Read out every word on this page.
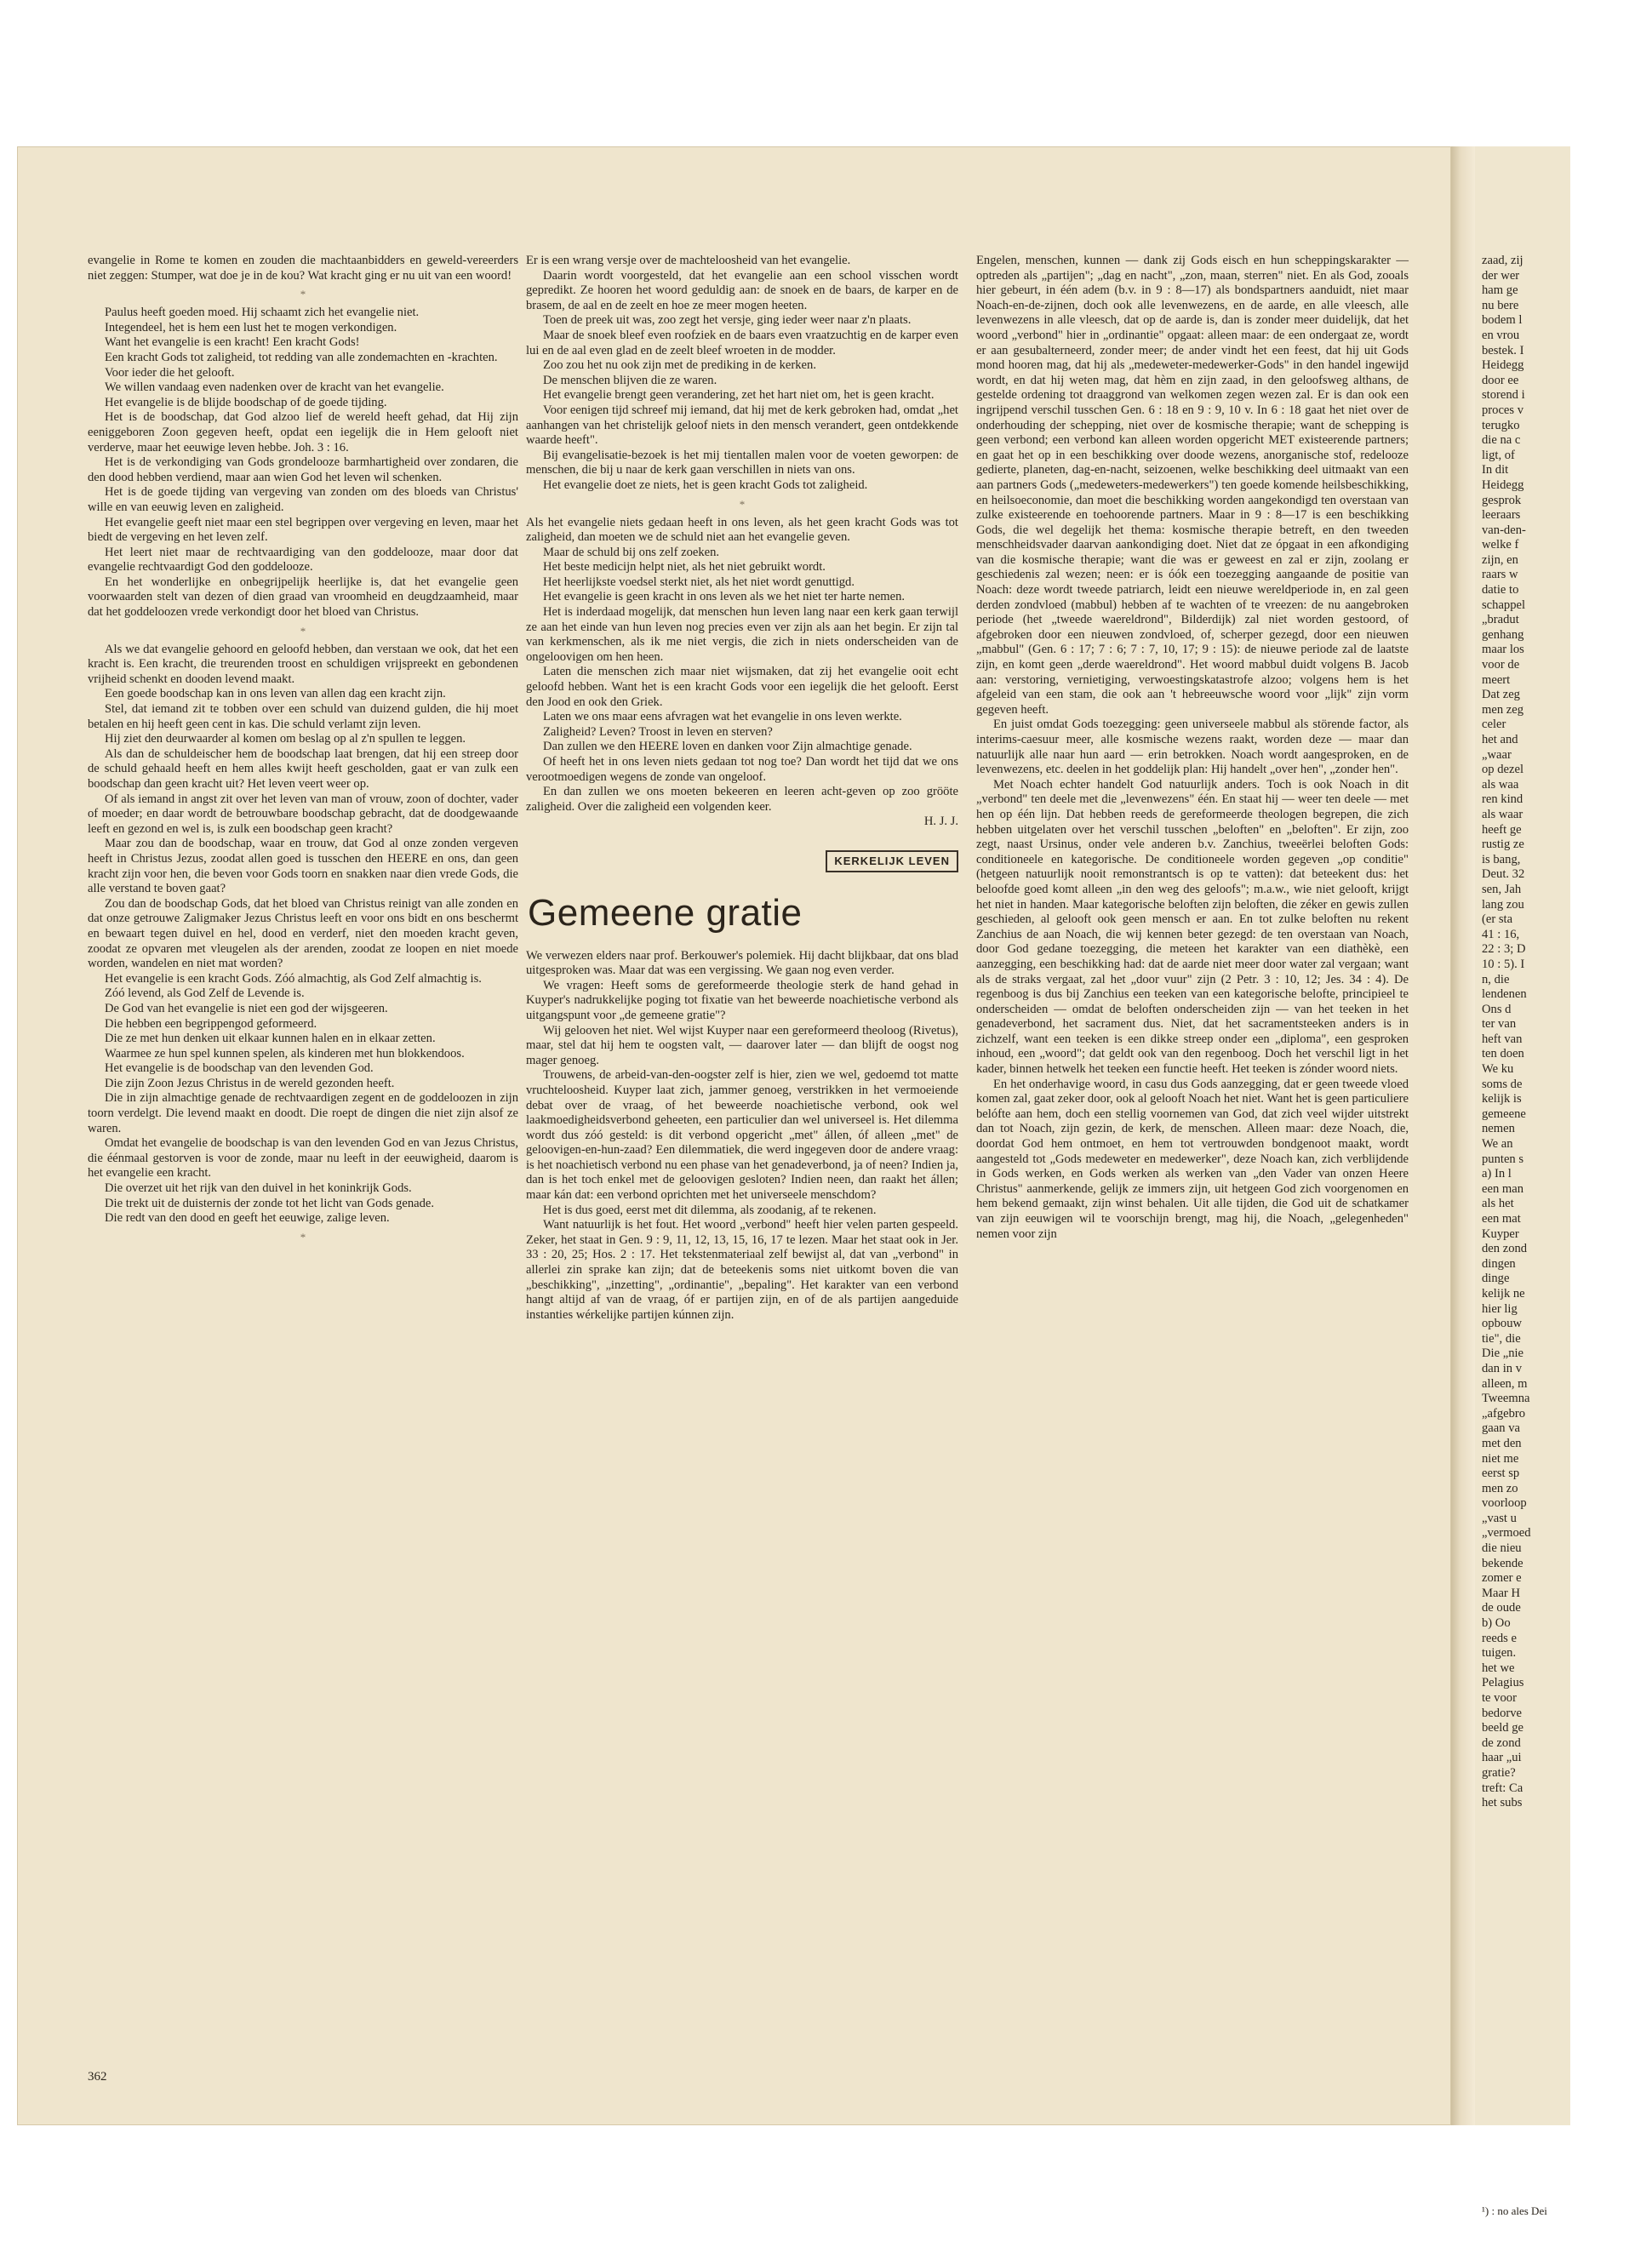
zaad, zij

der wer

ham ge

nu bere

bodem l

en vrou

bestek. I

Heidegg

door ee

storend i

proces v

terugko

die na c

ligt, of

In dit

Heidegg

gesprok

leeraars

van-den-

welke f

zijn, en

raars w

datie to

schappel

„bradut

genhang

maar los

voor de

meert

Dat zeg

men zeg

celer

het and

„waar

op dezel

als waa

ren kind

als waar

heeft ge

rustig ze

is bang,

Deut. 32

sen, Jah

lang zou

(er sta

41 : 16,

22 : 3; D

10 : 5). I

n, die

lendenen

Ons d

ter van

heft van

ten doen

We ku

soms de

kelijk is

gemeene

nemen

We an

punten s

a) In l

een man

als het

een mat

Kuyper

den zond

dingen

dinge

kelijk ne

hier lig

opbouw

tie", die

Die „nie

dan in v

alleen, m

Tweemna

„afgebro

gaan va

met den

niet me

eerst sp

men zo

voorloop

„vast u

„vermoed

die nieu

bekende

zomer e

Maar H

de oude

b) Oo

reeds e

tuigen.

het we

Pelagius

te voor

bedorve

beeld ge

de zond

haar „ui

gratie?

treft: Ca

het subs

¹) : no ales Dei

evangelie in Rome te komen en zouden die machtaanbidders en geweld-vereerders niet zeggen: Stumper, wat doe je in de kou? Wat kracht ging er nu uit van een woord!

*

Paulus heeft goeden moed. Hij schaamt zich het evangelie niet.

Integendeel, het is hem een lust het te mogen verkondigen.

Want het evangelie is een kracht! Een kracht Gods!

Een kracht Gods tot zaligheid, tot redding van alle zondemachten en -krachten.

Voor ieder die het gelooft.

We willen vandaag even nadenken over de kracht van het evangelie.

Het evangelie is de blijde boodschap of de goede tijding.

Het is de boodschap, dat God alzoo lief de wereld heeft gehad, dat Hij zijn eeniggeboren Zoon gegeven heeft, opdat een iegelijk die in Hem gelooft niet verderve, maar het eeuwige leven hebbe. Joh. 3 : 16.

Het is de verkondiging van Gods grondelooze barmhartigheid over zondaren, die den dood hebben verdiend, maar aan wien God het leven wil schenken.

Het is de goede tijding van vergeving van zonden om des bloeds van Christus' wille en van eeuwig leven en zaligheid.

Het evangelie geeft niet maar een stel begrippen over vergeving en leven, maar het biedt de vergeving en het leven zelf.

Het leert niet maar de rechtvaardiging van den goddelooze, maar door dat evangelie rechtvaardigt God den goddelooze.

En het wonderlijke en onbegrijpelijk heerlijke is, dat het evangelie geen voorwaarden stelt van dezen of dien graad van vroomheid en deugdzaamheid, maar dat het goddeloozen vrede verkondigt door het bloed van Christus.

*

Als we dat evangelie gehoord en geloofd hebben, dan verstaan we ook, dat het een kracht is. Een kracht, die treurenden troost en schuldigen vrijspreekt en gebondenen vrijheid schenkt en dooden levend maakt.

Een goede boodschap kan in ons leven van allen dag een kracht zijn.

Stel, dat iemand zit te tobben over een schuld van duizend gulden, die hij moet betalen en hij heeft geen cent in kas. Die schuld verlamt zijn leven.

Hij ziet den deurwaarder al komen om beslag op al z'n spullen te leggen.

Als dan de schuldeischer hem de boodschap laat brengen, dat hij een streep door de schuld gehaald heeft en hem alles kwijt heeft gescholden, gaat er van zulk een boodschap dan geen kracht uit? Het leven veert weer op.

Of als iemand in angst zit over het leven van man of vrouw, zoon of dochter, vader of moeder; en daar wordt de betrouwbare boodschap gebracht, dat de doodgewaande leeft en gezond en wel is, is zulk een boodschap geen kracht?

Maar zou dan de boodschap, waar en trouw, dat God al onze zonden vergeven heeft in Christus Jezus, zoodat allen goed is tusschen den HEERE en ons, dan geen kracht zijn voor hen, die beven voor Gods toorn en snakken naar dien vrede Gods, die alle verstand te boven gaat?

Zou dan de boodschap Gods, dat het bloed van Christus reinigt van alle zonden en dat onze getrouwe Zaligmaker Jezus Christus leeft en voor ons bidt en ons beschermt en bewaart tegen duivel en hel, dood en verderf, niet den moeden kracht geven, zoodat ze opvaren met vleugelen als der arenden, zoodat ze loopen en niet moede worden, wandelen en niet mat worden?

Het evangelie is een kracht Gods. Zóó almachtig, als God Zelf almachtig is.

Zóó levend, als God Zelf de Levende is.

De God van het evangelie is niet een god der wijsgeeren.

Die hebben een begrippengod geformeerd.

Die ze met hun denken uit elkaar kunnen halen en in elkaar zetten.

Waarmee ze hun spel kunnen spelen, als kinderen met hun blokkendoos.

Het evangelie is de boodschap van den levenden God.

Die zijn Zoon Jezus Christus in de wereld gezonden heeft.

Die in zijn almachtige genade de rechtvaardigen zegent en de goddeloozen in zijn toorn verdelgt. Die levend maakt en doodt. Die roept de dingen die niet zijn alsof ze waren.

Omdat het evangelie de boodschap is van den levenden God en van Jezus Christus, die éénmaal gestorven is voor de zonde, maar nu leeft in der eeuwigheid, daarom is het evangelie een kracht.

Die overzet uit het rijk van den duivel in het koninkrijk Gods.

Die trekt uit de duisternis der zonde tot het licht van Gods genade.

Die redt van den dood en geeft het eeuwige, zalige leven.

*

Er is een wrang versje over de machteloosheid van het evangelie.

Daarin wordt voorgesteld, dat het evangelie aan een school visschen wordt gepredikt. Ze hooren het woord geduldig aan: de snoek en de baars, de karper en de brasem, de aal en de zeelt en hoe ze meer mogen heeten.

Toen de preek uit was, zoo zegt het versje, ging ieder weer naar z'n plaats.

Maar de snoek bleef even roofziek en de baars even vraatzuchtig en de karper even lui en de aal even glad en de zeelt bleef wroeten in de modder.

Zoo zou het nu ook zijn met de prediking in de kerken.

De menschen blijven die ze waren.

Het evangelie brengt geen verandering, zet het hart niet om, het is geen kracht.

Voor eenigen tijd schreef mij iemand, dat hij met de kerk gebroken had, omdat „het aanhangen van het christelijk geloof niets in den mensch verandert, geen ontdekkende waarde heeft".

Bij evangelisatie-bezoek is het mij tientallen malen voor de voeten geworpen: de menschen, die bij u naar de kerk gaan verschillen in niets van ons.

Het evangelie doet ze niets, het is geen kracht Gods tot zaligheid.

*

Als het evangelie niets gedaan heeft in ons leven, als het geen kracht Gods was tot zaligheid, dan moeten we de schuld niet aan het evangelie geven.

Maar de schuld bij ons zelf zoeken.

Het beste medicijn helpt niet, als het niet gebruikt wordt.

Het heerlijkste voedsel sterkt niet, als het niet wordt genuttigd.

Het evangelie is geen kracht in ons leven als we het niet ter harte nemen.

Het is inderdaad mogelijk, dat menschen hun leven lang naar een kerk gaan terwijl ze aan het einde van hun leven nog precies even ver zijn als aan het begin. Er zijn tal van kerkmenschen, als ik me niet vergis, die zich in niets onderscheiden van de ongeloovigen om hen heen.

Laten die menschen zich maar niet wijsmaken, dat zij het evangelie ooit echt geloofd hebben. Want het is een kracht Gods voor een iegelijk die het gelooft. Eerst den Jood en ook den Griek.

Laten we ons maar eens afvragen wat het evangelie in ons leven werkte.

Zaligheid? Leven? Troost in leven en sterven?

Dan zullen we den HEERE loven en danken voor Zijn almachtige genade.

Of heeft het in ons leven niets gedaan tot nog toe? Dan wordt het tijd dat we ons verootmoedigen wegens de zonde van ongeloof.

En dan zullen we ons moeten bekeeren en leeren acht-geven op zoo grööte zaligheid. Over die zaligheid een volgenden keer.

H. J. J.
KERKELIJK LEVEN
Gemeene gratie

We verwezen elders naar prof. Berkouwer's polemiek. Hij dacht blijkbaar, dat ons blad uitgesproken was. Maar dat was een vergissing. We gaan nog even verder.

We vragen: Heeft soms de gereformeerde theologie sterk de hand gehad in Kuyper's nadrukkelijke poging tot fixatie van het beweerde noachietische verbond als uitgangspunt voor „de gemeene gratie"?

Wij gelooven het niet. Wel wijst Kuyper naar een gereformeerd theoloog (Rivetus), maar, stel dat hij hem te oogsten valt, — daarover later — dan blijft de oogst nog mager genoeg.

Trouwens, de arbeid-van-den-oogster zelf is hier, zien we wel, gedoemd tot matte vruchteloosheid. Kuyper laat zich, jammer genoeg, verstrikken in het vermoeiende debat over de vraag, of het beweerde noachietische verbond, ook wel laakmoedigheidsverbond geheeten, een particulier dan wel universeel is. Het dilemma wordt dus zóó gesteld: is dit verbond opgericht „met" állen, óf alleen „met" de geloovigen-en-hun-zaad? Een dilemmatiek, die werd ingegeven door de andere vraag: is het noachietisch verbond nu een phase van het genadeverbond, ja of neen? Indien ja, dan is het toch enkel met de geloovigen gesloten? Indien neen, dan raakt het állen; maar kán dat: een verbond oprichten met het universeele menschdom?

Het is dus goed, eerst met dit dilemma, als zoodanig, af te rekenen.

Want natuurlijk is het fout. Het woord „verbond" heeft hier velen parten gespeeld. Zeker, het staat in Gen. 9 : 9, 11, 12, 13, 15, 16, 17 te lezen. Maar het staat ook in Jer. 33 : 20, 25; Hos. 2 : 17. Het tekstenmateriaal zelf bewijst al, dat van „verbond" in allerlei zin sprake kan zijn; dat de beteekenis soms niet uitkomt boven die van „beschikking", „inzetting", „ordinantie", „bepaling". Het karakter van een verbond hangt altijd af van de vraag, óf er partijen zijn, en of de als partijen aangeduide instanties wérkelijke partijen kúnnen zijn.

Engelen, menschen, kunnen — dank zij Gods eisch en hun scheppingskarakter — optreden als „partijen"; „dag en nacht", „zon, maan, sterren" niet. En als God, zooals hier gebeurt, in één adem (b.v. in 9 : 8—17) als bondspartners aanduidt, niet maar Noach-en-de-zijnen, doch ook alle levenwezens, en de aarde, en alle vleesch, alle levenwezens in alle vleesch, dat op de aarde is, dan is zonder meer duidelijk, dat het woord „verbond" hier in „ordinantie" opgaat: alleen maar: de een ondergaat ze, wordt er aan gesubalterneerd, zonder meer; de ander vindt het een feest, dat hij uit Gods mond hooren mag, dat hij als „medeweter-medewerker-Gods" in den handel ingewijd wordt, en dat hij weten mag, dat hèm en zijn zaad, in den geloofsweg althans, de gestelde ordening tot draaggrond van welkomen zegen wezen zal. Er is dan ook een ingrijpend verschil tusschen Gen. 6 : 18 en 9 : 9, 10 v. In 6 : 18 gaat het niet over de onderhouding der schepping, niet over de kosmische therapie; want de schepping is geen verbond; een verbond kan alleen worden opgericht MET existeerende partners; en gaat het op in een beschikking over doode wezens, anorganische stof, redelooze gedierte, planeten, dag-en-nacht, seizoenen, welke beschikking deel uitmaakt van een aan partners Gods („medeweters-medewerkers") ten goede komende heilsbeschikking, en heilsoeconomie, dan moet die beschikking worden aangekondigd ten overstaan van zulke existeerende en toehoorende partners. Maar in 9 : 8—17 is een beschikking Gods, die wel degelijk het thema: kosmische therapie betreft, en den tweeden menschheidsvader daarvan aankondiging doet. Niet dat ze ópgaat in een afkondiging van die kosmische therapie; want die was er geweest en zal er zijn, zoolang er geschiedenis zal wezen; neen: er is óók een toezegging aangaande de positie van Noach: deze wordt tweede patriarch, leidt een nieuwe wereldperiode in, en zal geen derden zondvloed (mabbul) hebben af te wachten of te vreezen: de nu aangebroken periode (het „tweede waereldrond", Bilderdijk) zal niet worden gestoord, of afgebroken door een nieuwen zondvloed, of, scherper gezegd, door een nieuwen „mabbul" (Gen. 6 : 17; 7 : 6; 7 : 7, 10, 17; 9 : 15): de nieuwe periode zal de laatste zijn, en komt geen „derde waereldrond". Het woord mabbul duidt volgens B. Jacob aan: verstoring, vernietiging, verwoestingskatastrofe alzoo; volgens hem is het afgeleid van een stam, die ook aan 't hebreeuwsche woord voor „lijk" zijn vorm gegeven heeft.

En juist omdat Gods toezegging: geen universeele mabbul als störende factor, als interims-caesuur meer, alle kosmische wezens raakt, worden deze — maar dan natuurlijk alle naar hun aard — erin betrokken. Noach wordt aangesproken, en de levenwezens, etc. deelen in het goddelijk plan: Hij handelt „over hen", „zonder hen".

Met Noach echter handelt God natuurlijk anders. Toch is ook Noach in dit „verbond" ten deele met die „levenwezens" één. En staat hij — weer ten deele — met hen op één lijn. Dat hebben reeds de gereformeerde theologen begrepen, die zich hebben uitgelaten over het verschil tusschen „beloften" en „beloften". Er zijn, zoo zegt, naast Ursinus, onder vele anderen b.v. Zanchius, tweeërlei beloften Gods: conditioneele en kategorische. De conditioneele worden gegeven „op conditie" (hetgeen natuurlijk nooit remonstrantsch is op te vatten): dat beteekent dus: het beloofde goed komt alleen „in den weg des geloofs"; m.a.w., wie niet gelooft, krijgt het niet in handen. Maar kategorische beloften zijn beloften, die zéker en gewis zullen geschieden, al gelooft ook geen mensch er aan. En tot zulke beloften nu rekent Zanchius de aan Noach, die wij kennen beter gezegd: de ten overstaan van Noach, door God gedane toezegging, die meteen het karakter van een diathèkè, een aanzegging, een beschikking had: dat de aarde niet meer door water zal vergaan; want als de straks vergaat, zal het „door vuur" zijn (2 Petr. 3 : 10, 12; Jes. 34 : 4). De regenboog is dus bij Zanchius een teeken van een kategorische belofte, principieel te onderscheiden — omdat de beloften onderscheiden zijn — van het teeken in het genadeverbond, het sacrament dus. Niet, dat het sacramentsteeken anders is in zichzelf, want een teeken is een dikke streep onder een „diploma", een gesproken inhoud, een „woord"; dat geldt ook van den regenboog. Doch het verschil ligt in het kader, binnen hetwelk het teeken een functie heeft. Het teeken is zónder woord niets.

En het onderhavige woord, in casu dus Gods aanzegging, dat er geen tweede vloed komen zal, gaat zeker door, ook al gelooft Noach het niet. Want het is geen particuliere belófte aan hem, doch een stellig voornemen van God, dat zich veel wijder uitstrekt dan tot Noach, zijn gezin, de kerk, de menschen. Alleen maar: deze Noach, die, doordat God hem ontmoet, en hem tot vertrouwden bondgenoot maakt, wordt aangesteld tot „Gods medeweter en medewerker", deze Noach kan, zich verblijdende in Gods werken, en Gods werken als werken van „den Vader van onzen Heere Christus" aanmerkende, gelijk ze immers zijn, uit hetgeen God zich voorgenomen en hem bekend gemaakt, zijn winst behalen. Uit alle tijden, die God uit de schatkamer van zijn eeuwigen wil te voorschijn brengt, mag hij, die Noach, „gelegenheden" nemen voor zijn

362
